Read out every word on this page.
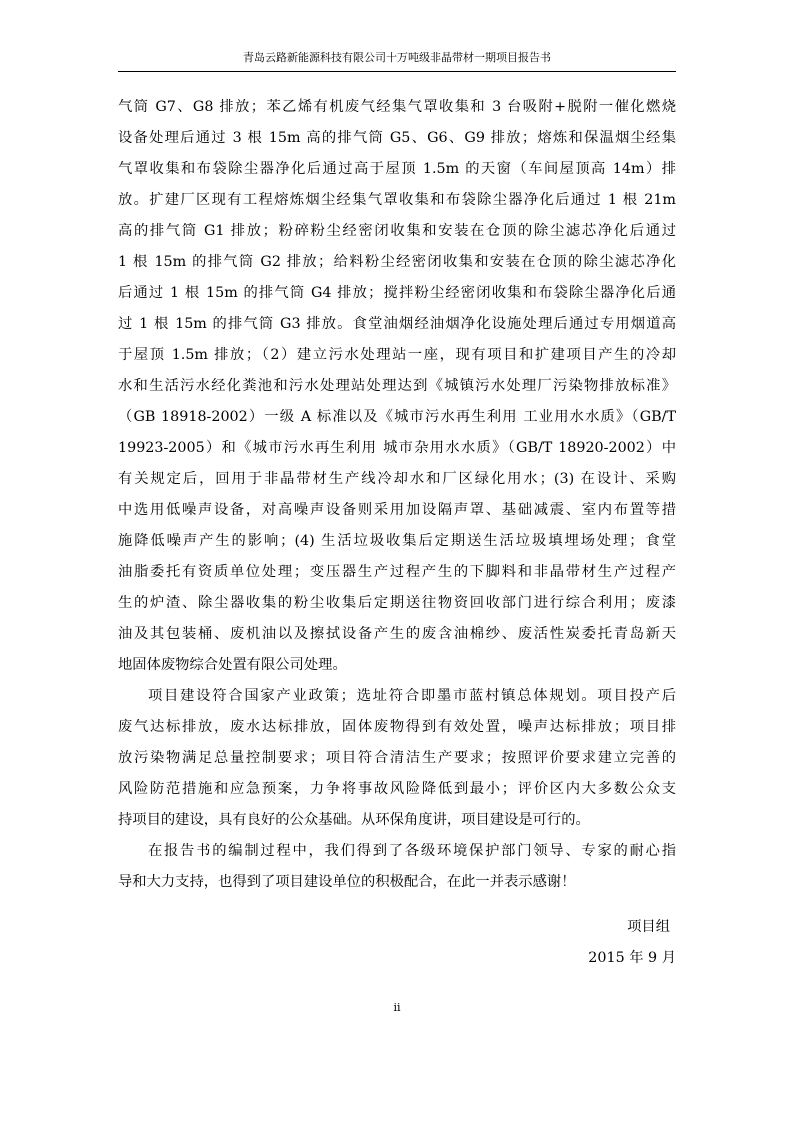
青岛云路新能源科技有限公司十万吨级非晶带材一期项目报告书
气筒 G7、G8 排放；苯乙烯有机废气经集气罩收集和 3 台吸附+脱附一催化燃烧
设备处理后通过 3 根 15m 高的排气筒 G5、G6、G9 排放；熔炼和保温烟尘经集
气罩收集和布袋除尘器净化后通过高于屋顶 1.5m 的天窗（车间屋顶高 14m）排
放。扩建厂区现有工程熔炼烟尘经集气罩收集和布袋除尘器净化后通过 1 根 21m
高的排气筒 G1 排放；粉碎粉尘经密闭收集和安装在仓顶的除尘滤芯净化后通过
1 根 15m 的排气筒 G2 排放；给料粉尘经密闭收集和安装在仓顶的除尘滤芯净化
后通过 1 根 15m 的排气筒 G4 排放；搅拌粉尘经密闭收集和布袋除尘器净化后通
过 1 根 15m 的排气筒 G3 排放。食堂油烟经油烟净化设施处理后通过专用烟道高
于屋顶 1.5m 排放；（2）建立污水处理站一座，现有项目和扩建项目产生的冷却
水和生活污水经化粪池和污水处理站处理达到《城镇污水处理厂污染物排放标准》
（GB 18918-2002）一级 A 标准以及《城市污水再生利用 工业用水水质》（GB/T
19923-2005）和《城市污水再生利用 城市杂用水水质》（GB/T 18920-2002）中
有关规定后，回用于非晶带材生产线冷却水和厂区绿化用水；(3) 在设计、采购
中选用低噪声设备，对高噪声设备则采用加设隔声罩、基础减震、室内布置等措
施降低噪声产生的影响；(4) 生活垃圾收集后定期送生活垃圾填埋场处理；食堂
油脂委托有资质单位处理；变压器生产过程产生的下脚料和非晶带材生产过程产
生的炉渣、除尘器收集的粉尘收集后定期送往物资回收部门进行综合利用；废漆
油及其包装桶、废机油以及擦拭设备产生的废含油棉纱、废活性炭委托青岛新天
地固体废物综合处置有限公司处理。
项目建设符合国家产业政策；选址符合即墨市蓝村镇总体规划。项目投产后
废气达标排放，废水达标排放，固体废物得到有效处置，噪声达标排放；项目排
放污染物满足总量控制要求；项目符合清洁生产要求；按照评价要求建立完善的
风险防范措施和应急预案，力争将事故风险降低到最小；评价区内大多数公众支
持项目的建设，具有良好的公众基础。从环保角度讲，项目建设是可行的。
在报告书的编制过程中，我们得到了各级环境保护部门领导、专家的耐心指
导和大力支持，也得到了项目建设单位的积极配合，在此一并表示感谢！
项目组
2015 年 9 月
ii
